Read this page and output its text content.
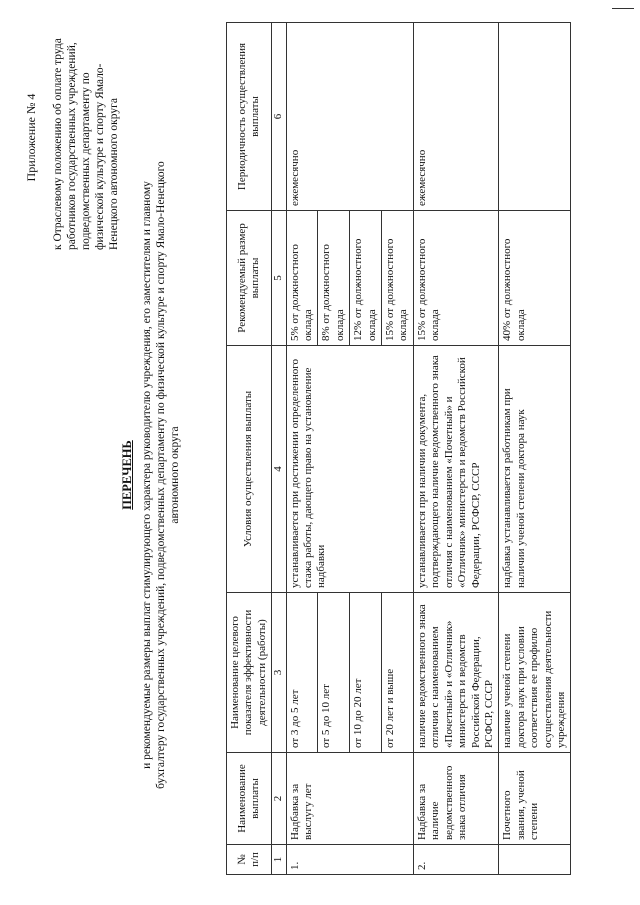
Приложение № 4 к Отраслевому положению об оплате труда работников государственных учреждений, подведомственных департаменту по физической культуре и спорту Ямало-Ненецкого автономного округа
ПЕРЕЧЕНЬ и рекомендуемые размеры выплат стимулирующего характера руководителю учреждения, его заместителям и главному бухгалтеру государственных учреждений, подведомственных департаменту по физической культуре и спорту Ямало-Ненецкого автономного округа
№ п/п	Наименование выплаты	Наименование целевого показателя эффективности деятельности (работы)	Условия осуществления выплаты	Рекомендуемый размер выплаты	Периодичность осуществления выплаты
1	2	3	4	5	6
1.	Надбавка за выслугу лет	от 3 до 5 лет	устанавливается при достижении определенного стажа работы, дающего право на установление надбавки	5% от должностного оклада	ежемесячно
		от 5 до 10 лет		8% от должностного оклада	
		от 10 до 20 лет		12% от должностного оклада	
		от 20 лет и выше		15% от должностного оклада	
2.	Надбавка за наличие ведомственного знака отличия	наличие ведомственного знака отличия с наименованием «Почетный» и «Отличник» министерств и ведомств Российской Федерации, РСФСР, СССР	устанавливается при наличии документа, подтверждающего наличие ведомственного знака отличия с наименованием «Почетный» и «Отличник» министерств и ведомств Российской Федерации, РСФСР, СССР	15% от должностного оклада	ежемесячно
	Почетного звания, ученой степени	наличие ученой степени доктора наук при условии соответствия ее профилю осуществления деятельности учреждения	надбавка устанавливается работникам при наличии ученой степени доктора наук	40% от должностного оклада	
